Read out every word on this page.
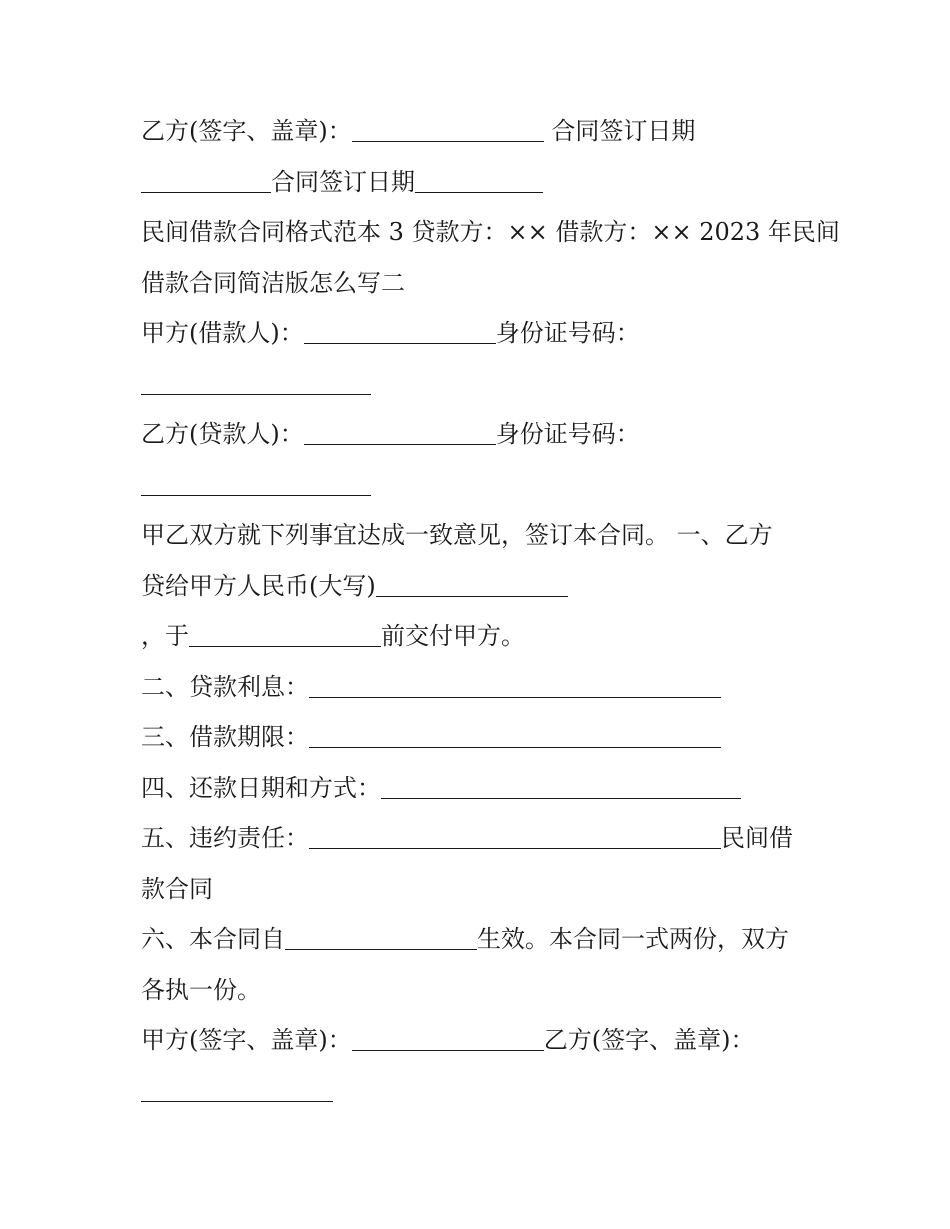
乙方(签字、盖章)：	合同签订日期
合同签订日期
民间借款合同格式范本 3 贷款方：×× 借款方：×× 2023 年民间
借款合同简洁版怎么写二
甲方(借款人)：	身份证号码：
乙方(贷款人)：	身份证号码：
甲乙双方就下列事宜达成一致意见，签订本合同。 一、乙方
贷给甲方人民币(大写)
，于	前交付甲方。
二、贷款利息：
三、借款期限：
四、还款日期和方式：
五、违约责任：	民间借
款合同
六、本合同自	生效。本合同一式两份，双方
各执一份。
甲方(签字、盖章)：	乙方(签字、盖章)：
